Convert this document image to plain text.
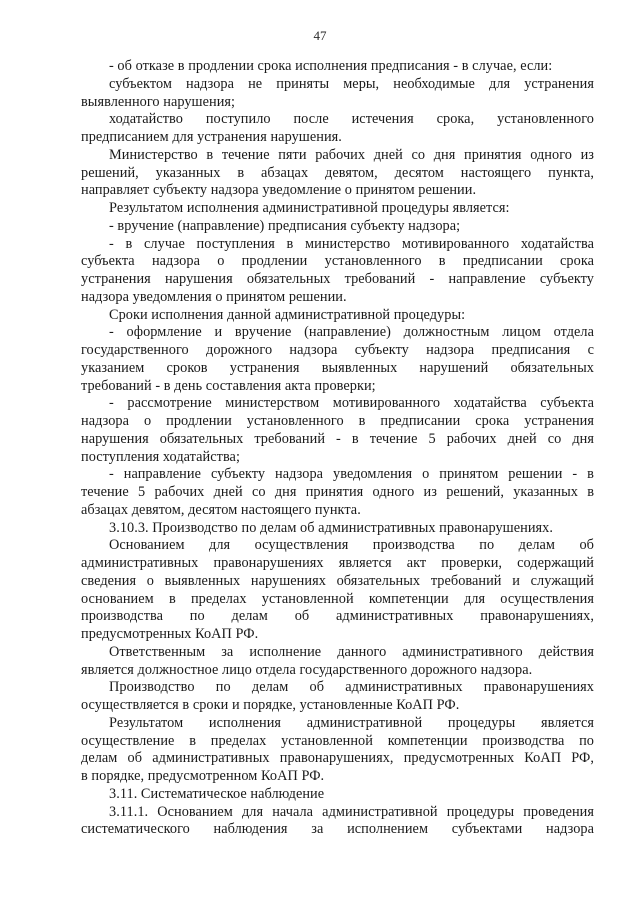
47
- об отказе в продлении срока исполнения предписания - в случае, если:
субъектом надзора не приняты меры, необходимые для устранения
выявленного нарушения;
ходатайство поступило после истечения срока, установленного
предписанием для устранения нарушения.
Министерство в течение пяти рабочих дней со дня принятия одного из
решений, указанных в абзацах девятом, десятом настоящего пункта,
направляет субъекту надзора уведомление о принятом решении.
Результатом исполнения административной процедуры является:
- вручение (направление) предписания субъекту надзора;
- в случае поступления в министерство мотивированного ходатайства
субъекта надзора о продлении установленного в предписании срока
устранения нарушения обязательных требований - направление субъекту
надзора уведомления о принятом решении.
Сроки исполнения данной административной процедуры:
- оформление и вручение (направление) должностным лицом отдела
государственного дорожного надзора субъекту надзора предписания с
указанием сроков устранения выявленных нарушений обязательных
требований - в день составления акта проверки;
- рассмотрение министерством мотивированного ходатайства субъекта
надзора о продлении установленного в предписании срока устранения
нарушения обязательных требований - в течение 5 рабочих дней со дня
поступления ходатайства;
- направление субъекту надзора уведомления о принятом решении - в
течение 5 рабочих дней со дня принятия одного из решений, указанных в
абзацах девятом, десятом настоящего пункта.
3.10.3. Производство по делам об административных правонарушениях.
Основанием для осуществления производства по делам об
административных правонарушениях является акт проверки, содержащий
сведения о выявленных нарушениях обязательных требований и служащий
основанием в пределах установленной компетенции для осуществления
производства по делам об административных правонарушениях,
предусмотренных КоАП РФ.
Ответственным за исполнение данного административного действия
является должностное лицо отдела государственного дорожного надзора.
Производство по делам об административных правонарушениях
осуществляется в сроки и порядке, установленные КоАП РФ.
Результатом исполнения административной процедуры является
осуществление в пределах установленной компетенции производства по
делам об административных правонарушениях, предусмотренных КоАП РФ,
в порядке, предусмотренном КоАП РФ.
3.11. Систематическое наблюдение
3.11.1. Основанием для начала административной процедуры проведения
систематического наблюдения за исполнением субъектами надзора
